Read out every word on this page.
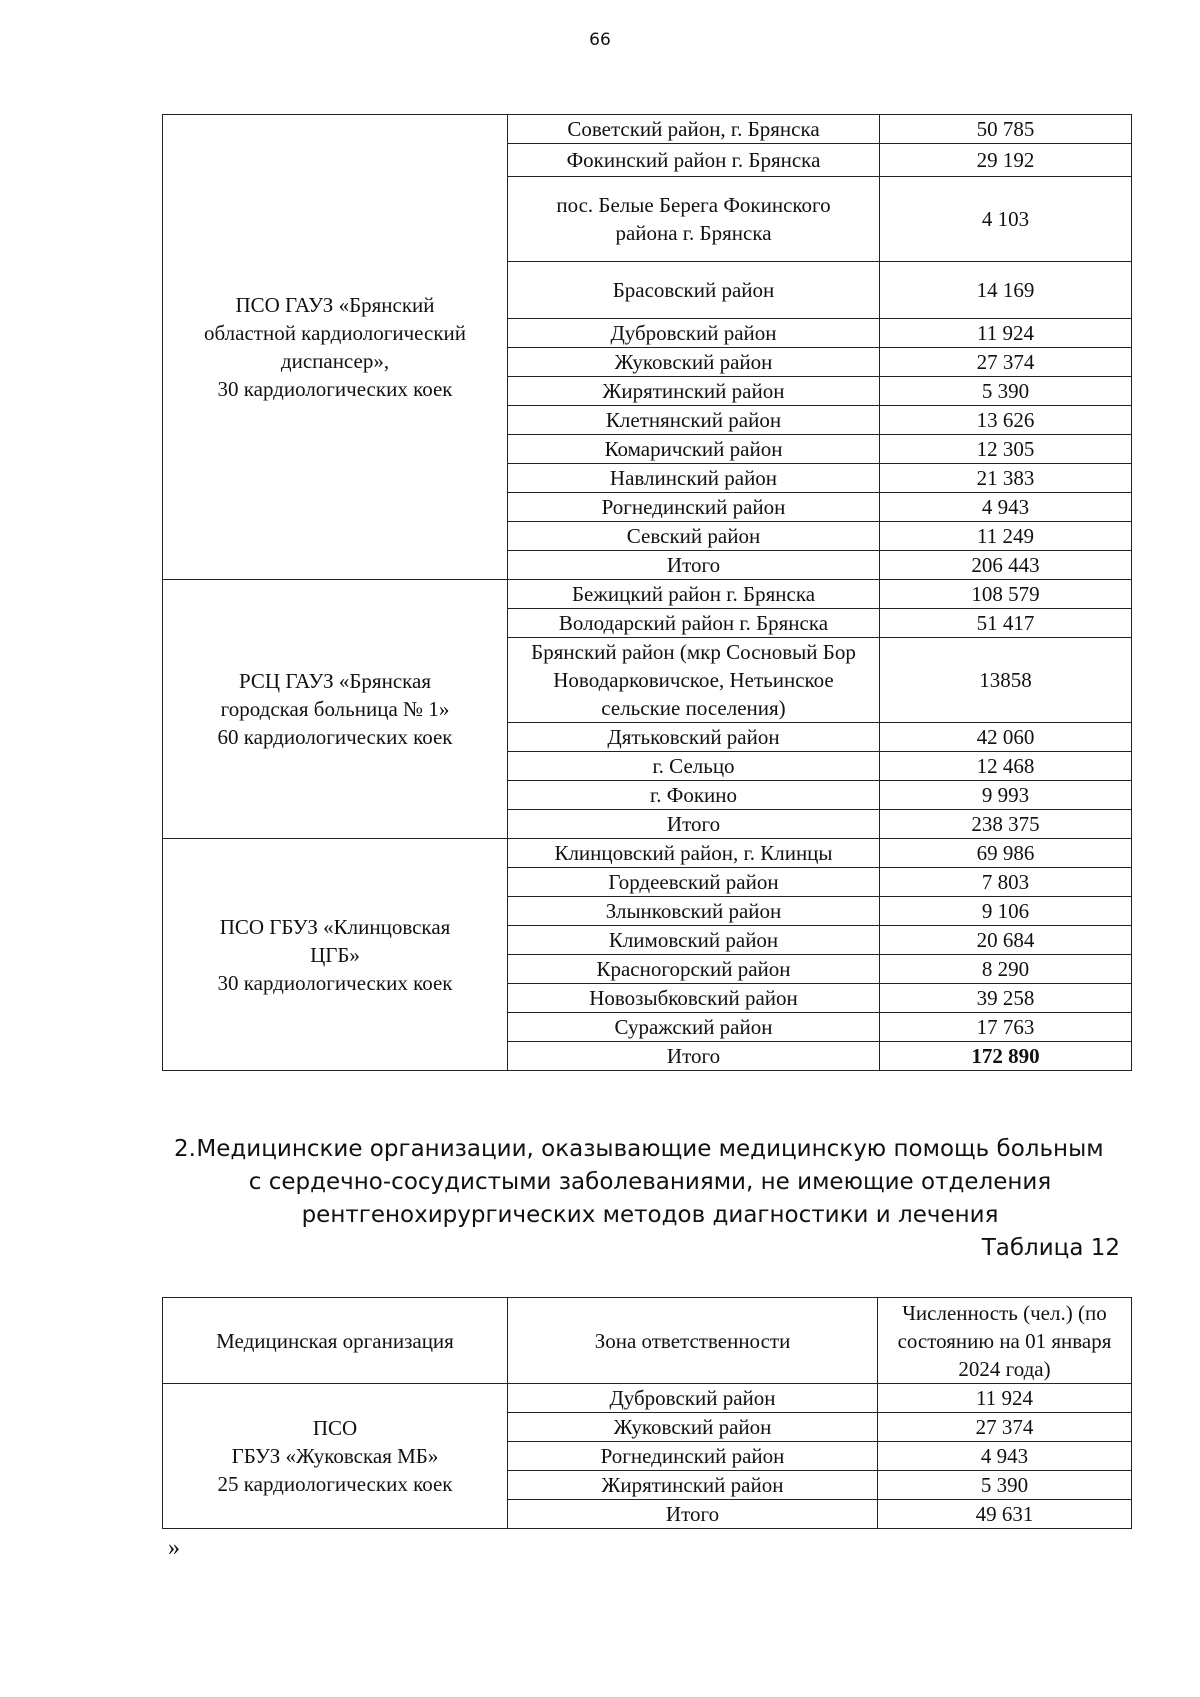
66
ПСО ГАУЗ «Брянский
областной кардиологический
диспансер»,
30 кардиологических коек	Советский район, г. Брянска	50 785
	Фокинский район г. Брянска	29 192
	пос. Белые Берега Фокинского района г. Брянска	4 103
	Брасовский район	14 169
	Дубровский район	11 924
	Жуковский район	27 374
	Жирятинский район	5 390
	Клетнянский район	13 626
	Комаричский район	12 305
	Навлинский район	21 383
	Рогнединский район	4 943
	Севский район	11 249
	Итого	206 443
РСЦ ГАУЗ «Брянская
городская больница № 1»
60 кардиологических коек	Бежицкий район г. Брянска	108 579
	Володарский район г. Брянска	51 417
	Брянский район (мкр Сосновый Бор Новодарковичское, Нетьинское сельские поселения)	13858
	Дятьковский район	42 060
	г. Сельцо	12 468
	г. Фокино	9 993
	Итого	238 375
ПСО ГБУЗ «Клинцовская
ЦГБ»
30 кардиологических коек	Клинцовский район, г. Клинцы	69 986
	Гордеевский район	7 803
	Злынковский район	9 106
	Климовский район	20 684
	Красногорский район	8 290
	Новозыбковский район	39 258
	Суражский район	17 763
	Итого	172 890
2. Медицинские организации, оказывающие медицинскую помощь больным
с сердечно-сосудистыми заболеваниями, не имеющие отделения
рентгенохирургических методов диагностики и лечения
Таблица 12
Медицинская организация	Зона ответственности	Численность (чел.) (по состоянию на 01 января 2024 года)
ПСО
ГБУЗ «Жуковская МБ»
25 кардиологических коек	Дубровский район	11 924
	Жуковский район	27 374
	Рогнединский район	4 943
	Жирятинский район	5 390
	Итого	49 631
»
